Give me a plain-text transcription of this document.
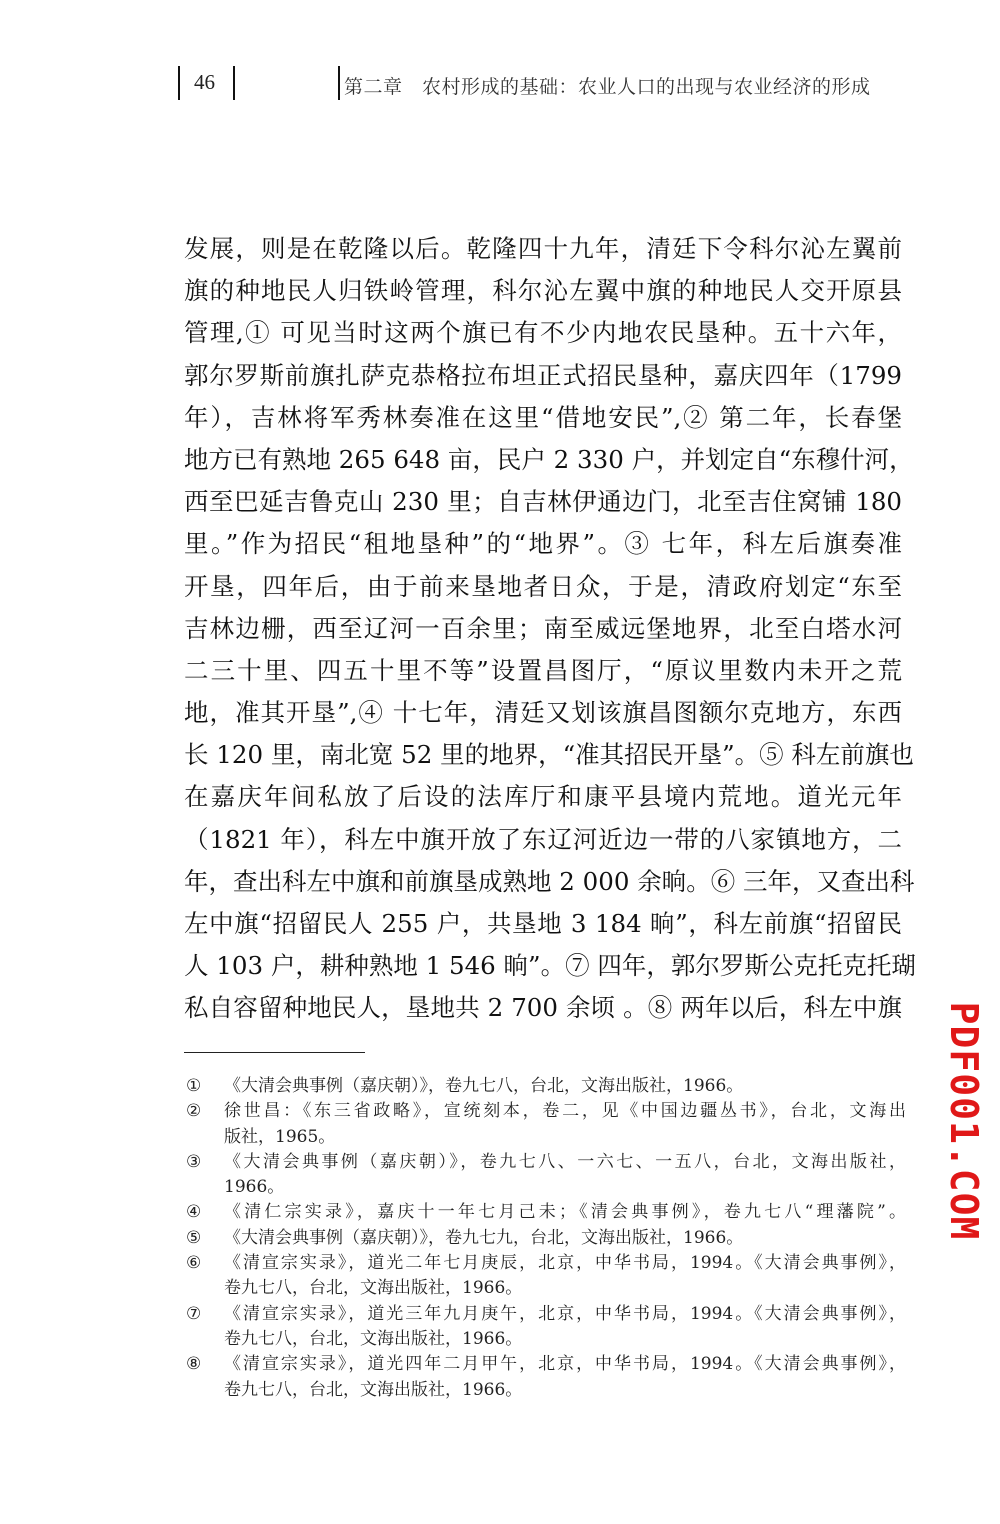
46	第二章　农村形成的基础：农业人口的出现与农业经济的形成
发展，则是在乾隆以后。乾隆四十九年，清廷下令科尔沁左翼前
旗的种地民人归铁岭管理，科尔沁左翼中旗的种地民人交开原县
管理,① 可见当时这两个旗已有不少内地农民垦种。五十六年，
郭尔罗斯前旗扎萨克恭格拉布坦正式招民垦种，嘉庆四年（1799
年），吉林将军秀林奏准在这里“借地安民”,② 第二年，长春堡
地方已有熟地 265 648 亩，民户 2 330 户，并划定自“东穆什河，
西至巴延吉鲁克山 230 里；自吉林伊通边门，北至吉住窝铺 180
里。”作为招民“租地垦种”的“地界”。③ 七年，科左后旗奏准
开垦，四年后，由于前来垦地者日众，于是，清政府划定“东至
吉林边栅，西至辽河一百余里；南至威远堡地界，北至白塔水河
二三十里、四五十里不等”设置昌图厅，“原议里数内未开之荒
地，准其开垦”,④ 十七年，清廷又划该旗昌图额尔克地方，东西
长 120 里，南北宽 52 里的地界，“准其招民开垦”。⑤ 科左前旗也
在嘉庆年间私放了后设的法库厅和康平县境内荒地。道光元年
（1821 年），科左中旗开放了东辽河近边一带的八家镇地方，二
年，查出科左中旗和前旗垦成熟地 2 000 余晌。⑥ 三年，又查出科
左中旗“招留民人 255 户，共垦地 3 184 晌”，科左前旗“招留民
人 103 户，耕种熟地 1 546 晌”。⑦ 四年，郭尔罗斯公克托克托瑚
私自容留种地民人，垦地共 2 700 余顷 。⑧ 两年以后，科左中旗
① 《大清会典事例（嘉庆朝）》，卷九七八，台北，文海出版社，1966。
② 徐世昌：《东三省政略》，宣统刻本，卷二，见《中国边疆丛书》，台北，文海出
版社，1965。
③ 《大清会典事例（嘉庆朝）》，卷九七八、一六七、一五八，台北，文海出版社，
1966。
④ 《清仁宗实录》，嘉庆十一年七月己未；《清会典事例》，卷九七八“理藩院”。
⑤ 《大清会典事例（嘉庆朝）》，卷九七九，台北，文海出版社，1966。
⑥ 《清宣宗实录》，道光二年七月庚辰，北京，中华书局，1994。《大清会典事例》，
卷九七八，台北，文海出版社，1966。
⑦ 《清宣宗实录》，道光三年九月庚午，北京，中华书局，1994。《大清会典事例》，
卷九七八，台北，文海出版社，1966。
⑧ 《清宣宗实录》，道光四年二月甲午，北京，中华书局，1994。《大清会典事例》，
卷九七八，台北，文海出版社，1966。
PDF001.COM
